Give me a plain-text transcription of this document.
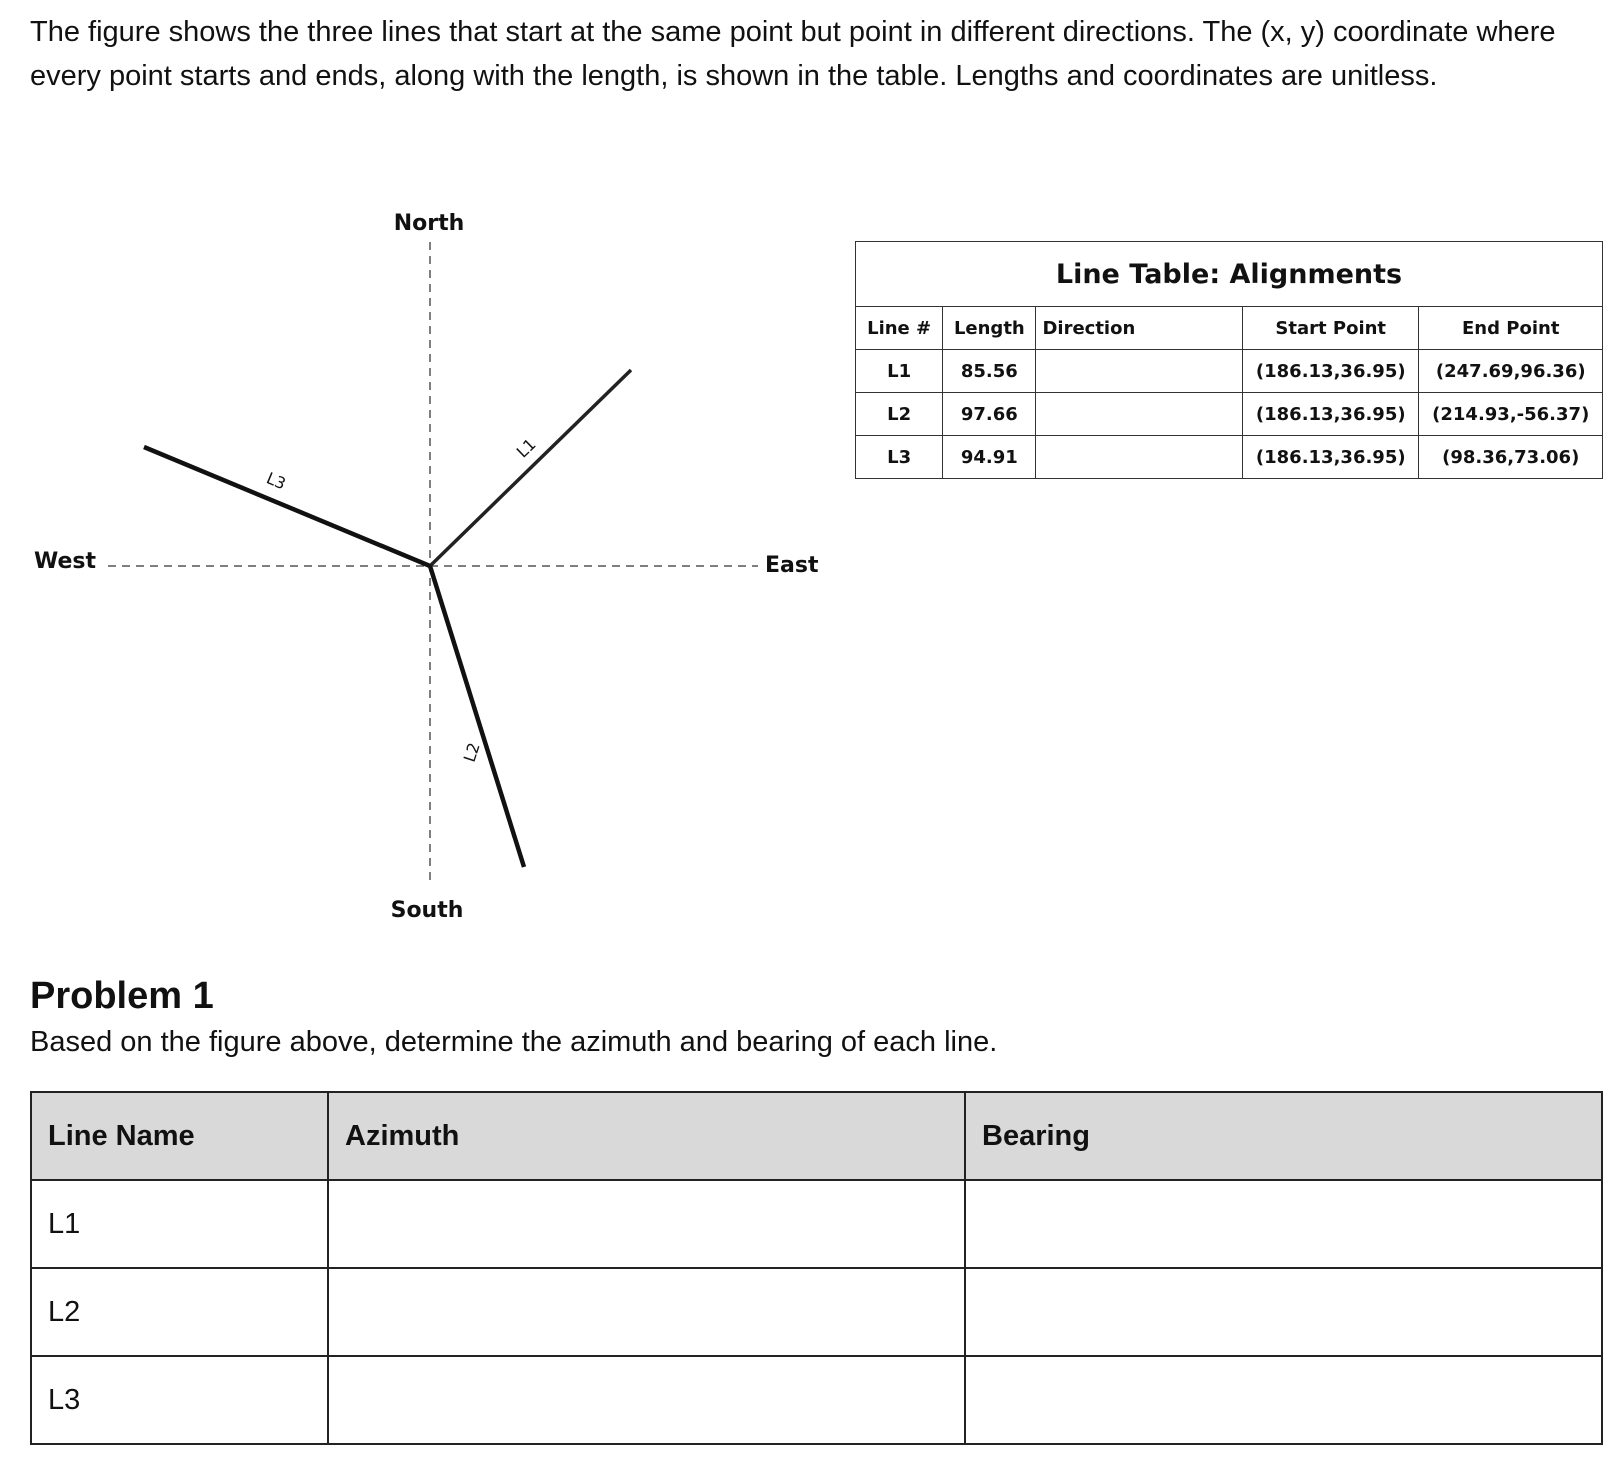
The figure shows the three lines that start at the same point but point in different directions. The (x, y) coordinate where every point starts and ends, along with the length, is shown in the table. Lengths and coordinates are unitless.

North
South
East
West
L1
L2
L3
Line Table: Alignments				
Line #	Length	Direction	Start Point	End Point
L1	85.56		(186.13,36.95)	(247.69,96.36)
L2	97.66		(186.13,36.95)	(214.93,-56.37)
L3	94.91		(186.13,36.95)	(98.36,73.06)
Problem 1

Based on the figure above, determine the azimuth and bearing of each line.

Line Name	Azimuth	Bearing
L1		
L2		
L3		
